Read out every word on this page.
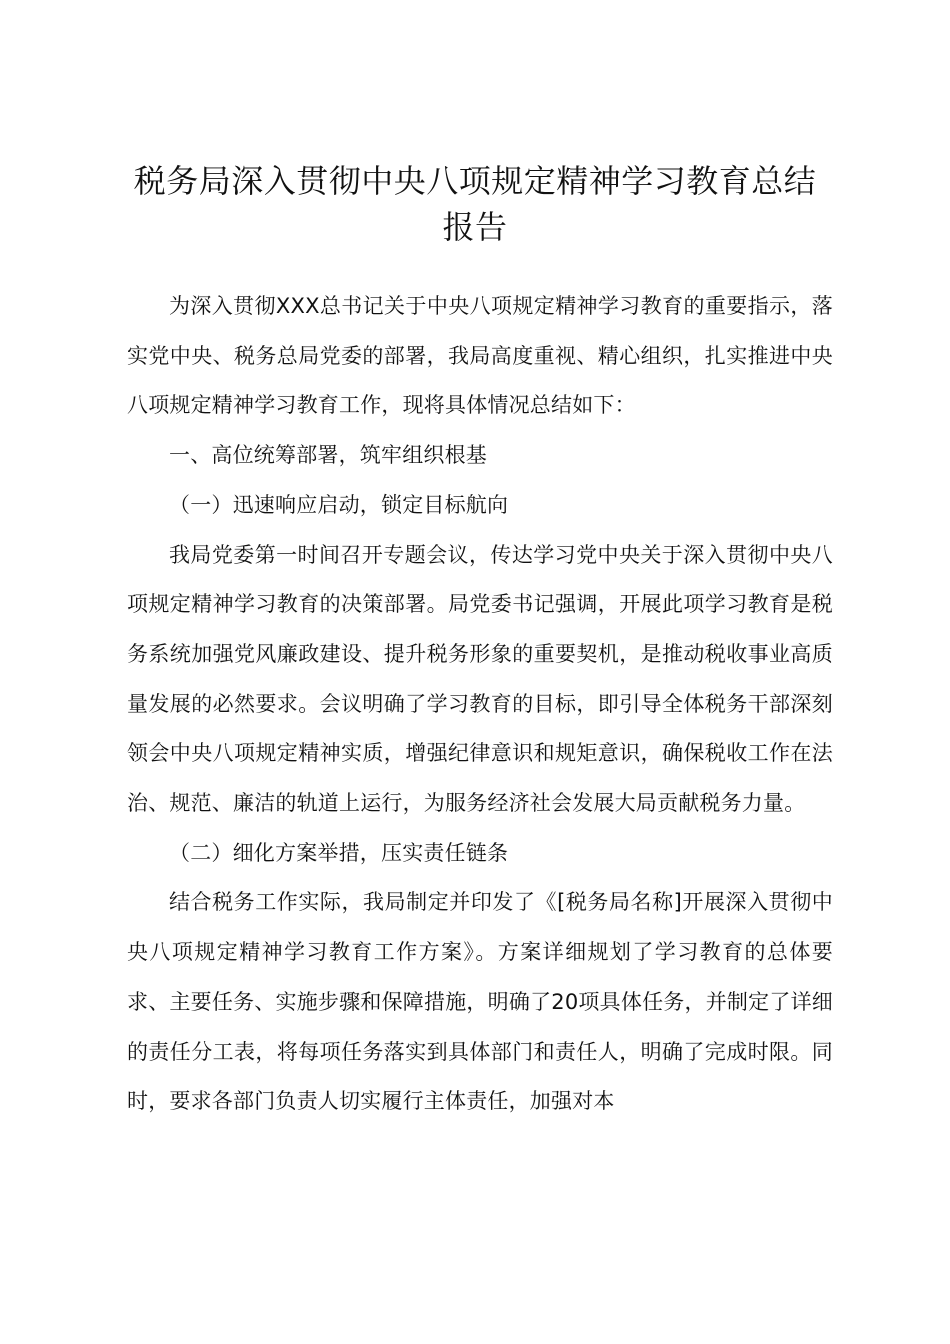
税务局深入贯彻中央八项规定精神学习教育总结报告

为深入贯彻XXX总书记关于中央八项规定精神学习教育的重要指示，落实党中央、税务总局党委的部署，我局高度重视、精心组织，扎实推进中央八项规定精神学习教育工作，现将具体情况总结如下：

一、高位统筹部署，筑牢组织根基
（一）迅速响应启动，锁定目标航向

我局党委第一时间召开专题会议，传达学习党中央关于深入贯彻中央八项规定精神学习教育的决策部署。局党委书记强调，开展此项学习教育是税务系统加强党风廉政建设、提升税务形象的重要契机，是推动税收事业高质量发展的必然要求。会议明确了学习教育的目标，即引导全体税务干部深刻领会中央八项规定精神实质，增强纪律意识和规矩意识，确保税收工作在法治、规范、廉洁的轨道上运行，为服务经济社会发展大局贡献税务力量。

（二）细化方案举措，压实责任链条

结合税务工作实际，我局制定并印发了《[税务局名称]开展深入贯彻中央八项规定精神学习教育工作方案》。方案详细规划了学习教育的总体要求、主要任务、实施步骤和保障措施，明确了20项具体任务，并制定了详细的责任分工表，将每项任务落实到具体部门和责任人，明确了完成时限。同时，要求各部门负责人切实履行主体责任，加强对本
